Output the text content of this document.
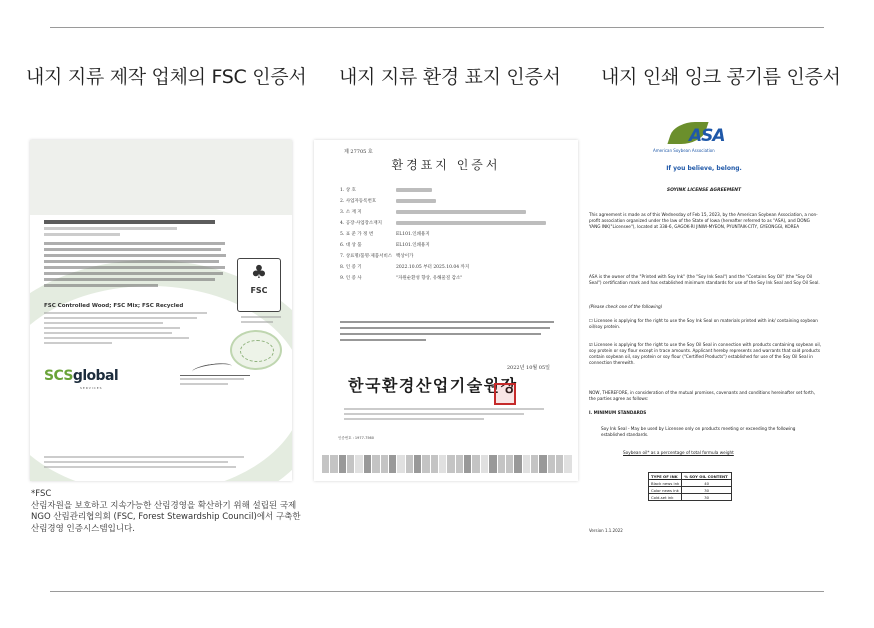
내지 지류 제작 업체의 FSC 인증서 내지 지류 환경 표지 인증서 내지 인쇄 잉크 콩기름 인증서
♣
FSC
FSC Controlled Wood; FSC Mix; FSC Recycled
SCSglobal
SERVICES
*FSC
산림자원을 보호하고 지속가능한 산림경영을 확산하기 위해 설립된 국제NGO 산림관리협의회 (FSC, Forest Stewardship Council)에서 구축한 산림경영 인증시스템입니다.
제 27705 호
환경표지 인증서
1. 상 호
2. 사업자등록번호
3. 소 재 지
4. 공장·사업장소재지
5. 표 준 가 정 번	EL101.인쇄용지
6. 대 상 품	EL101.인쇄용지
7. 상표명/품명·제품서비스 백상이가
8. 인 증 기	2022.10.05 부터 2025.10.04 까지
9. 인 증 사	"자원순환성 향상, 유해물질 감소"
2022년 10월 05일
한국환경산업기술원장
인증번호 : 1977-7560
ASA
American Soybean Association
If you believe, belong.
SOYINK LICENSE AGREEMENT
This agreement is made as of this Wednesday of Feb 15, 2023, by the American Soybean Association, a non-profit association organized under the law of the State of Iowa (hereafter referred to as "ASA), and DONG YANG INK("Licensee"), located at 338-6, GAGOK-RI JINWI-MYEON, PYUNTAIK-CITY, GYEONGGI, KOREA
ASA is the owner of the "Printed with Soy Ink" (the "Soy Ink Seal") and the "Contains Soy Oil" (the "Soy Oil Seal") certification mark and has established minimum standards for use of the Soy Ink Seal and Soy Oil Seal.
(Please check one of the following)
☐ Licensee is applying for the right to use the Soy Ink Seal on materials printed with ink/ containing soybean oil/soy protein.
☑ Licensee is applying for the right to use the Soy Oil Seal in connection with products containing soybean oil, soy protein or soy flour except in trace amounts. Applicant hereby represents and warrants that said products contain soybean oil, soy protein or soy flour ("Certified Products") established for use of the Soy Oil Seal in connection therewith.
NOW, THEREFORE, in consideration of the mutual promises, covenants and conditions hereinafter set forth, the parties agree as follows:
I. MINIMUM STANDARDS
Soy Ink Seal - May be used by Licensee only on products meeting or exceeding the following established standards.
Soybean oil* as a percentage of total formula weight
TYPE OF INK	% SOY OIL CONTENT
Black news ink	40
Color news ink	30
Cold-set ink	30
Version 1.1.2022
